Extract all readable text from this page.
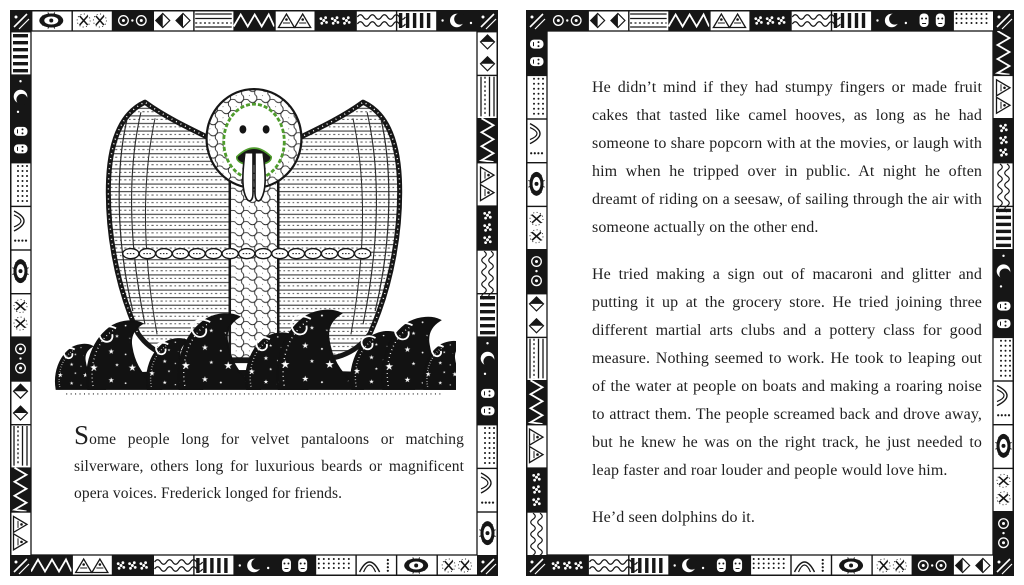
Some people long for velvet pantaloons or matching silverware, others long for luxurious beards or magnificent opera voices. Frederick longed for friends.

He didn’t mind if they had stumpy fingers or made fruit cakes that tasted like camel hooves, as long as he had someone to share popcorn with at the movies, or laugh with him when he tripped over in public. At night he often dreamt of riding on a seesaw, of sailing through the air with someone actually on the other end.

He tried making a sign out of macaroni and glitter and putting it up at the grocery store. He tried joining three different martial arts clubs and a pottery class for good measure. Nothing seemed to work. He took to leaping out of the water at people on boats and making a roaring noise to attract them. The people screamed back and drove away, but he knew he was on the right track, he just needed to leap faster and roar louder and people would love him.

He’d seen dolphins do it.
